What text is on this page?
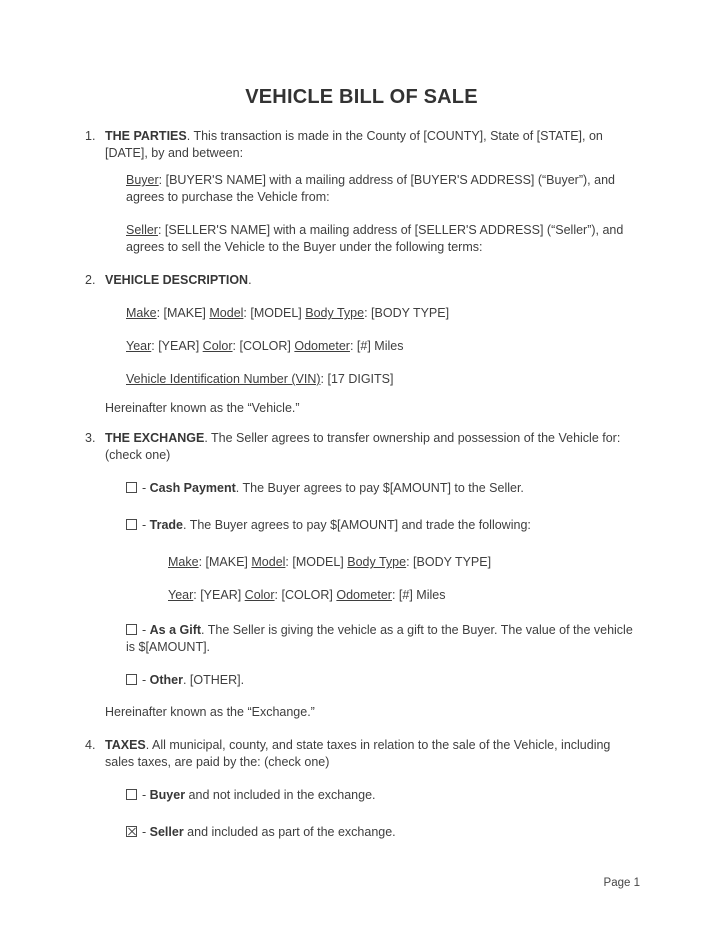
VEHICLE BILL OF SALE
1. THE PARTIES. This transaction is made in the County of [COUNTY], State of [STATE], on [DATE], by and between:
Buyer: [BUYER'S NAME] with a mailing address of [BUYER'S ADDRESS] (“Buyer”), and agrees to purchase the Vehicle from:
Seller: [SELLER'S NAME] with a mailing address of [SELLER'S ADDRESS] (“Seller”), and agrees to sell the Vehicle to the Buyer under the following terms:
2. VEHICLE DESCRIPTION.
Make: [MAKE] Model: [MODEL] Body Type: [BODY TYPE]
Year: [YEAR] Color: [COLOR] Odometer: [#] Miles
Vehicle Identification Number (VIN): [17 DIGITS]
Hereinafter known as the “Vehicle.”
3. THE EXCHANGE. The Seller agrees to transfer ownership and possession of the Vehicle for: (check one)
- Cash Payment. The Buyer agrees to pay $[AMOUNT] to the Seller.
- Trade. The Buyer agrees to pay $[AMOUNT] and trade the following:
Make: [MAKE] Model: [MODEL] Body Type: [BODY TYPE]
Year: [YEAR] Color: [COLOR] Odometer: [#] Miles
- As a Gift. The Seller is giving the vehicle as a gift to the Buyer. The value of the vehicle is $[AMOUNT].
- Other. [OTHER].
Hereinafter known as the “Exchange.”
4. TAXES. All municipal, county, and state taxes in relation to the sale of the Vehicle, including sales taxes, are paid by the: (check one)
- Buyer and not included in the exchange.
- Seller and included as part of the exchange.
Page 1
